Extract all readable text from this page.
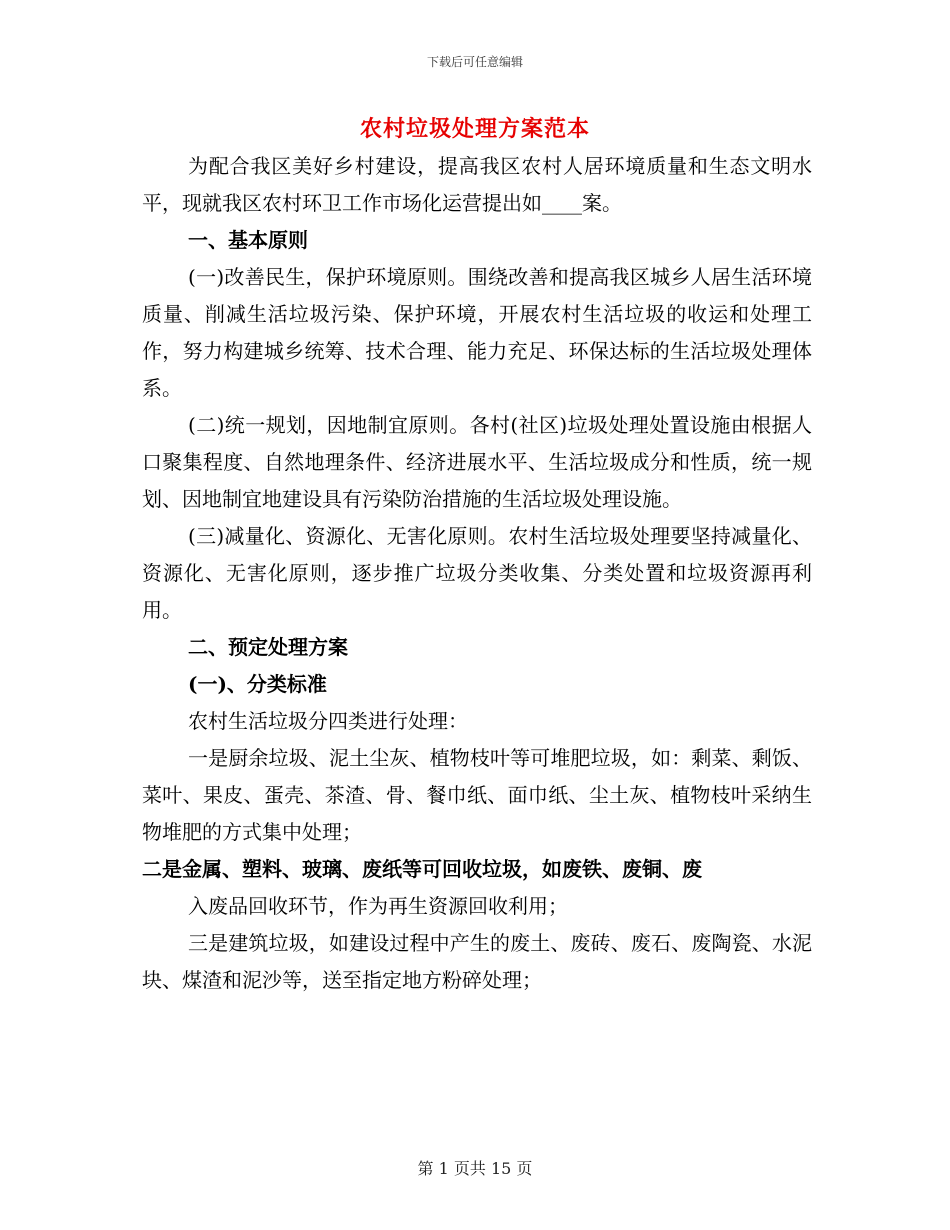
下载后可任意编辑
农村垃圾处理方案范本

为配合我区美好乡村建设，提高我区农村人居环境质量和生态文明水平，现就我区农村环卫工作市场化运营提出如____案。

一、基本原则

(一)改善民生，保护环境原则。围绕改善和提高我区城乡人居生活环境质量、削减生活垃圾污染、保护环境，开展农村生活垃圾的收运和处理工作，努力构建城乡统筹、技术合理、能力充足、环保达标的生活垃圾处理体系。

(二)统一规划，因地制宜原则。各村(社区)垃圾处理处置设施由根据人口聚集程度、自然地理条件、经济进展水平、生活垃圾成分和性质，统一规划、因地制宜地建设具有污染防治措施的生活垃圾处理设施。

(三)减量化、资源化、无害化原则。农村生活垃圾处理要坚持减量化、资源化、无害化原则，逐步推广垃圾分类收集、分类处置和垃圾资源再利用。

二、预定处理方案

(一)、分类标准

农村生活垃圾分四类进行处理：

一是厨余垃圾、泥土尘灰、植物枝叶等可堆肥垃圾，如：剩菜、剩饭、菜叶、果皮、蛋壳、茶渣、骨、餐巾纸、面巾纸、尘土灰、植物枝叶采纳生物堆肥的方式集中处理；

二是金属、塑料、玻璃、废纸等可回收垃圾，如废铁、废铜、废

入废品回收环节，作为再生资源回收利用；

三是建筑垃圾，如建设过程中产生的废土、废砖、废石、废陶瓷、水泥块、煤渣和泥沙等，送至指定地方粉碎处理；

第 1 页共 15 页
